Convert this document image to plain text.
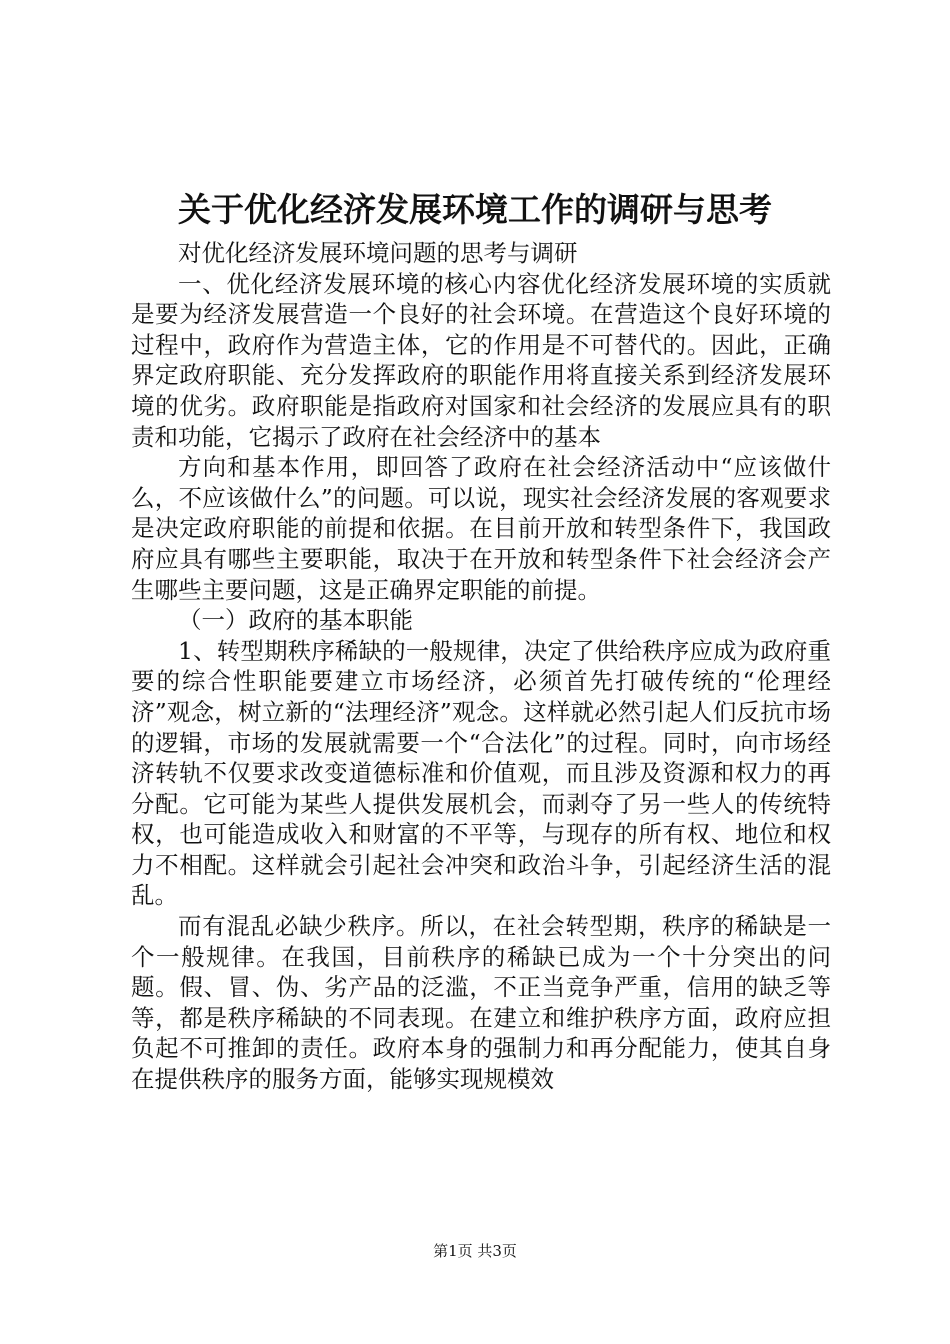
关于优化经济发展环境工作的调研与思考

对优化经济发展环境问题的思考与调研

一、优化经济发展环境的核心内容优化经济发展环境的实质就是要为经济发展营造一个良好的社会环境。在营造这个良好环境的过程中，政府作为营造主体，它的作用是不可替代的。因此，正确界定政府职能、充分发挥政府的职能作用将直接关系到经济发展环境的优劣。政府职能是指政府对国家和社会经济的发展应具有的职责和功能，它揭示了政府在社会经济中的基本

方向和基本作用，即回答了政府在社会经济活动中“应该做什么，不应该做什么”的问题。可以说，现实社会经济发展的客观要求是决定政府职能的前提和依据。在目前开放和转型条件下，我国政府应具有哪些主要职能，取决于在开放和转型条件下社会经济会产生哪些主要问题，这是正确界定职能的前提。

（一）政府的基本职能

1、转型期秩序稀缺的一般规律，决定了供给秩序应成为政府重要的综合性职能要建立市场经济，必须首先打破传统的“伦理经济”观念，树立新的“法理经济”观念。这样就必然引起人们反抗市场的逻辑，市场的发展就需要一个“合法化”的过程。同时，向市场经济转轨不仅要求改变道德标准和价值观，而且涉及资源和权力的再分配。它可能为某些人提供发展机会，而剥夺了另一些人的传统特权，也可能造成收入和财富的不平等，与现存的所有权、地位和权力不相配。这样就会引起社会冲突和政治斗争，引起经济生活的混乱。

而有混乱必缺少秩序。所以，在社会转型期，秩序的稀缺是一个一般规律。在我国，目前秩序的稀缺已成为一个十分突出的问题。假、冒、伪、劣产品的泛滥，不正当竞争严重，信用的缺乏等等，都是秩序稀缺的不同表现。在建立和维护秩序方面，政府应担负起不可推卸的责任。政府本身的强制力和再分配能力，使其自身在提供秩序的服务方面，能够实现规模效

第1页 共3页
